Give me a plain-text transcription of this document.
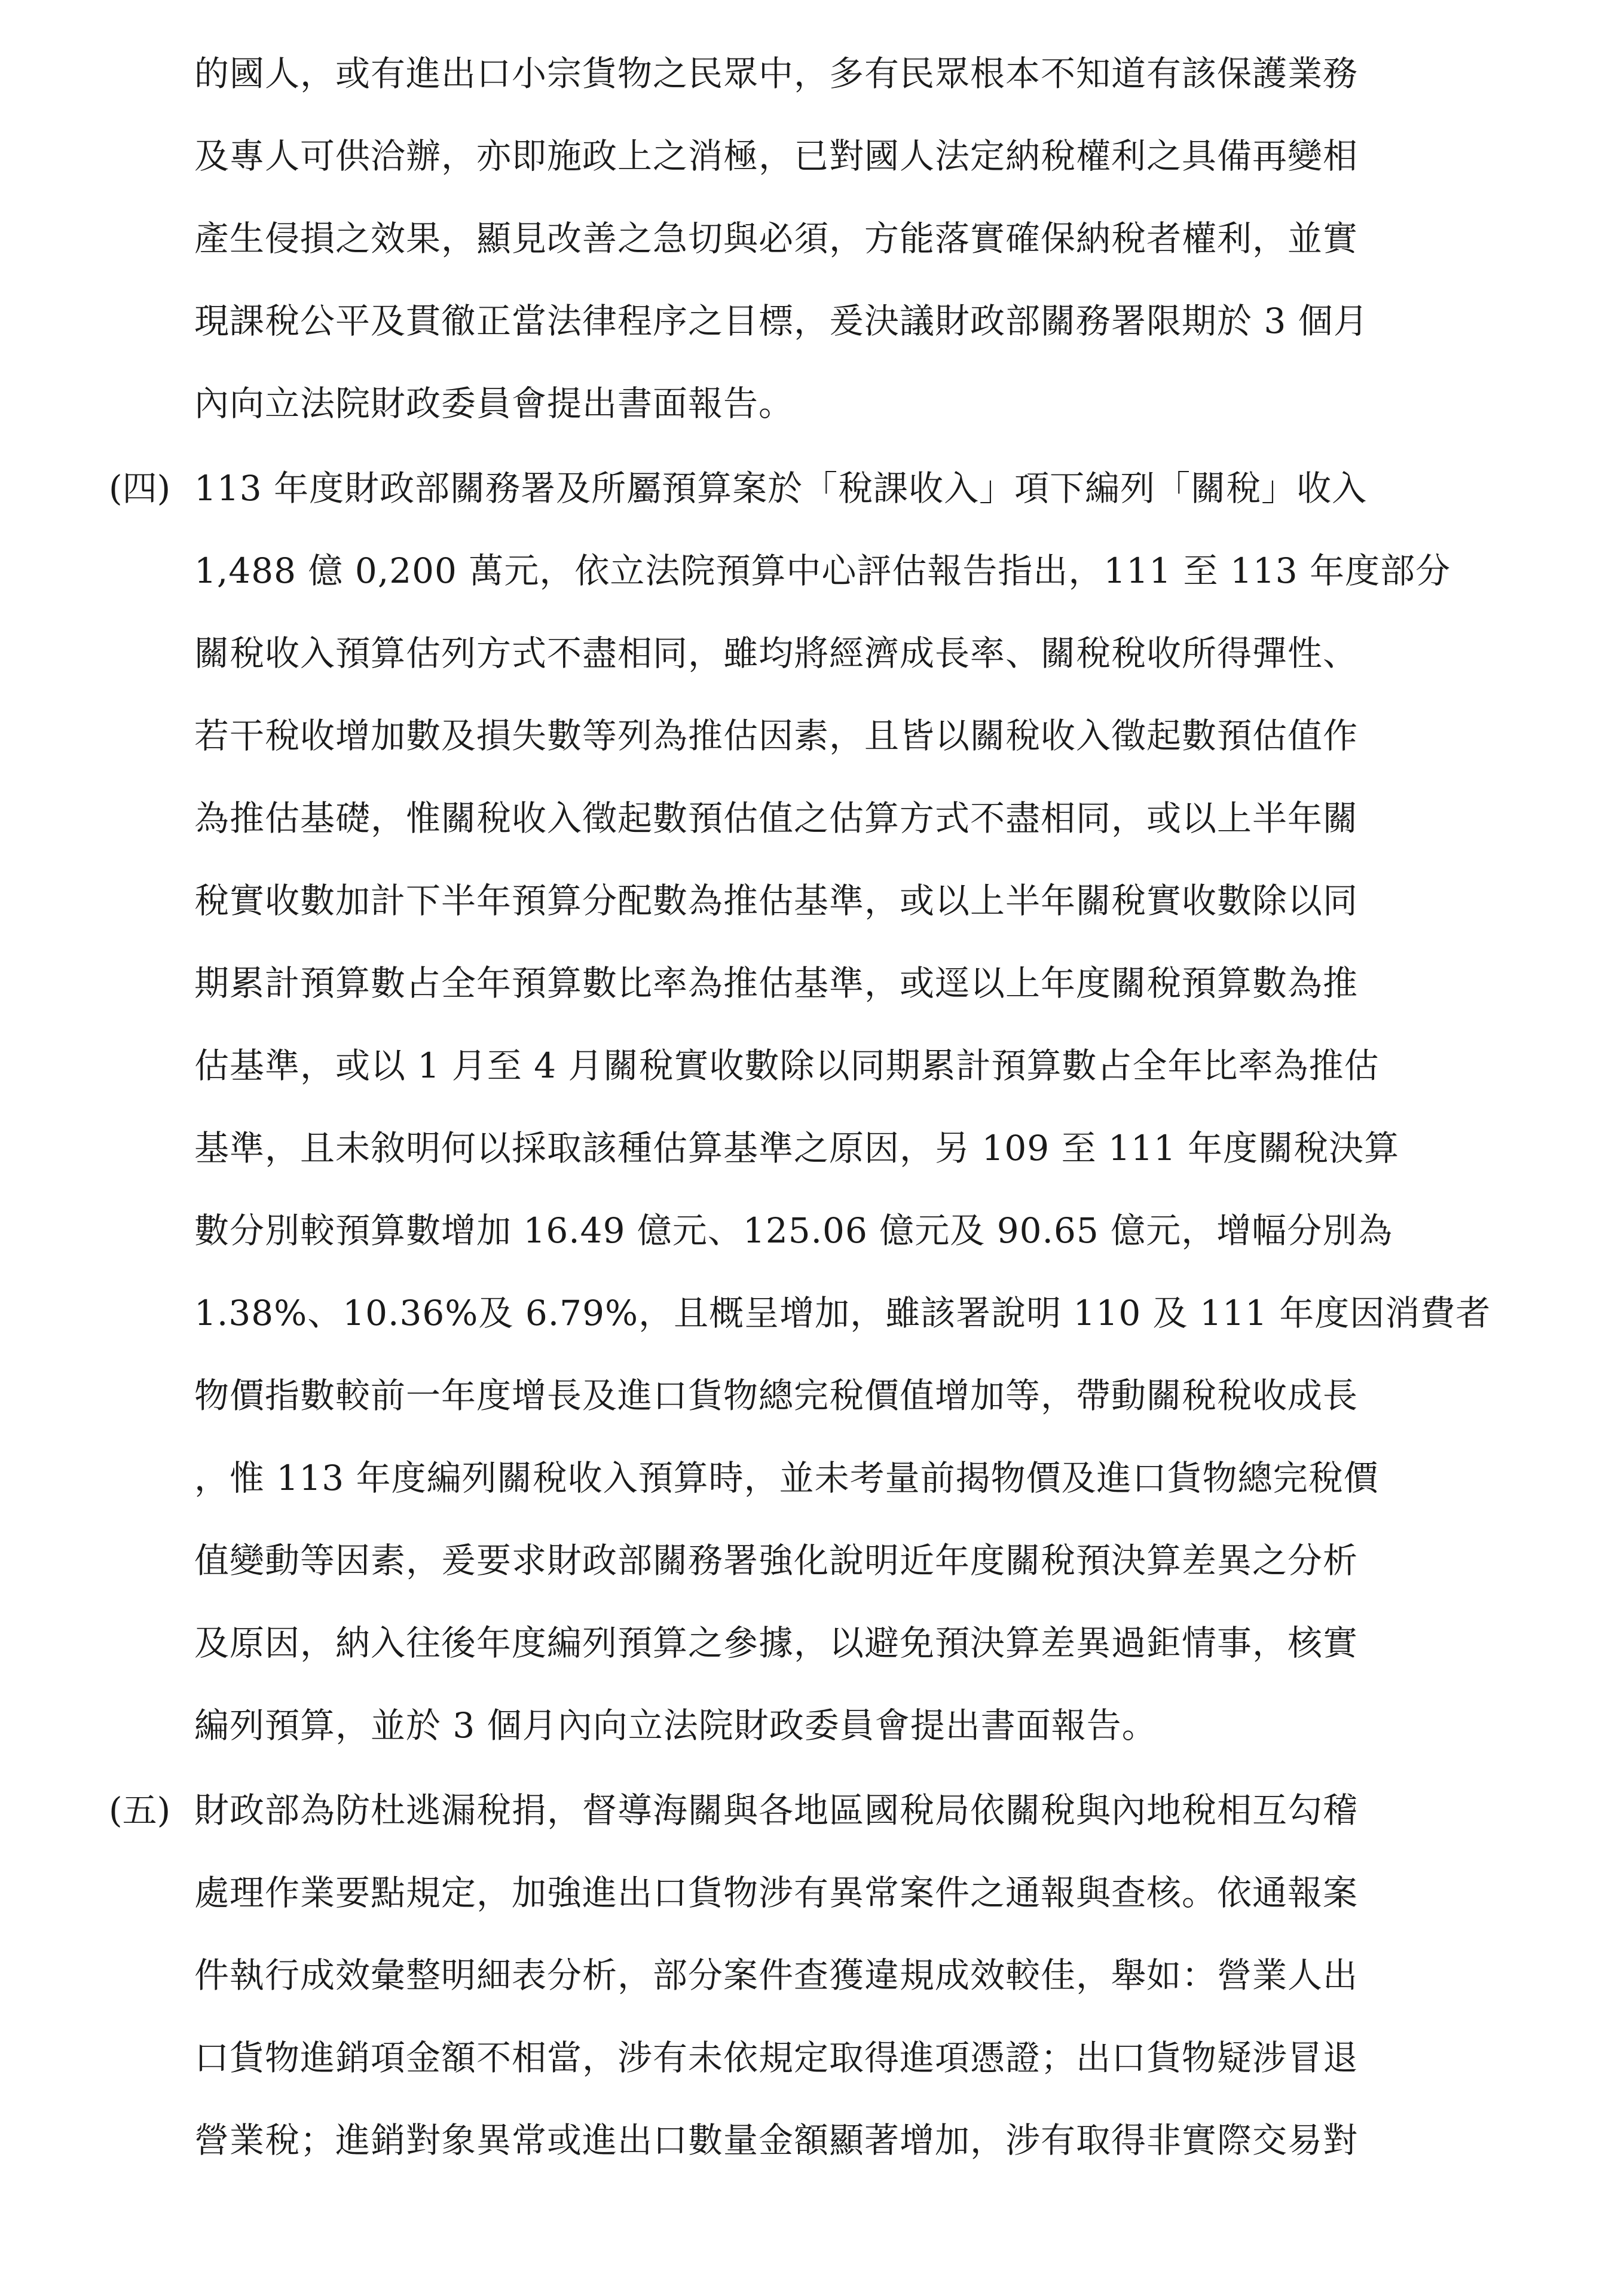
的國人，或有進出口小宗貨物之民眾中，多有民眾根本不知道有該保護業務
及專人可供洽辦，亦即施政上之消極，已對國人法定納稅權利之具備再變相
產生侵損之效果，顯見改善之急切與必須，方能落實確保納稅者權利，並實
現課稅公平及貫徹正當法律程序之目標，爰決議財政部關務署限期於 3 個月
內向立法院財政委員會提出書面報告。
(四) 113 年度財政部關務署及所屬預算案於「稅課收入」項下編列「關稅」收入
1,488 億 0,200 萬元，依立法院預算中心評估報告指出，111 至 113 年度部分
關稅收入預算估列方式不盡相同，雖均將經濟成長率、關稅稅收所得彈性、
若干稅收增加數及損失數等列為推估因素，且皆以關稅收入徵起數預估值作
為推估基礎，惟關稅收入徵起數預估值之估算方式不盡相同，或以上半年關
稅實收數加計下半年預算分配數為推估基準，或以上半年關稅實收數除以同
期累計預算數占全年預算數比率為推估基準，或逕以上年度關稅預算數為推
估基準，或以 1 月至 4 月關稅實收數除以同期累計預算數占全年比率為推估
基準，且未敘明何以採取該種估算基準之原因，另 109 至 111 年度關稅決算
數分別較預算數增加 16.49 億元、125.06 億元及 90.65 億元，增幅分別為
1.38%、10.36%及 6.79%，且概呈增加，雖該署說明 110 及 111 年度因消費者
物價指數較前一年度增長及進口貨物總完稅價值增加等，帶動關稅稅收成長
，惟 113 年度編列關稅收入預算時，並未考量前揭物價及進口貨物總完稅價
值變動等因素，爰要求財政部關務署強化說明近年度關稅預決算差異之分析
及原因，納入往後年度編列預算之參據，以避免預決算差異過鉅情事，核實
編列預算，並於 3 個月內向立法院財政委員會提出書面報告。
(五) 財政部為防杜逃漏稅捐，督導海關與各地區國稅局依關稅與內地稅相互勾稽
處理作業要點規定，加強進出口貨物涉有異常案件之通報與查核。依通報案
件執行成效彙整明細表分析，部分案件查獲違規成效較佳，舉如：營業人出
口貨物進銷項金額不相當，涉有未依規定取得進項憑證；出口貨物疑涉冒退
營業稅；進銷對象異常或進出口數量金額顯著增加，涉有取得非實際交易對
